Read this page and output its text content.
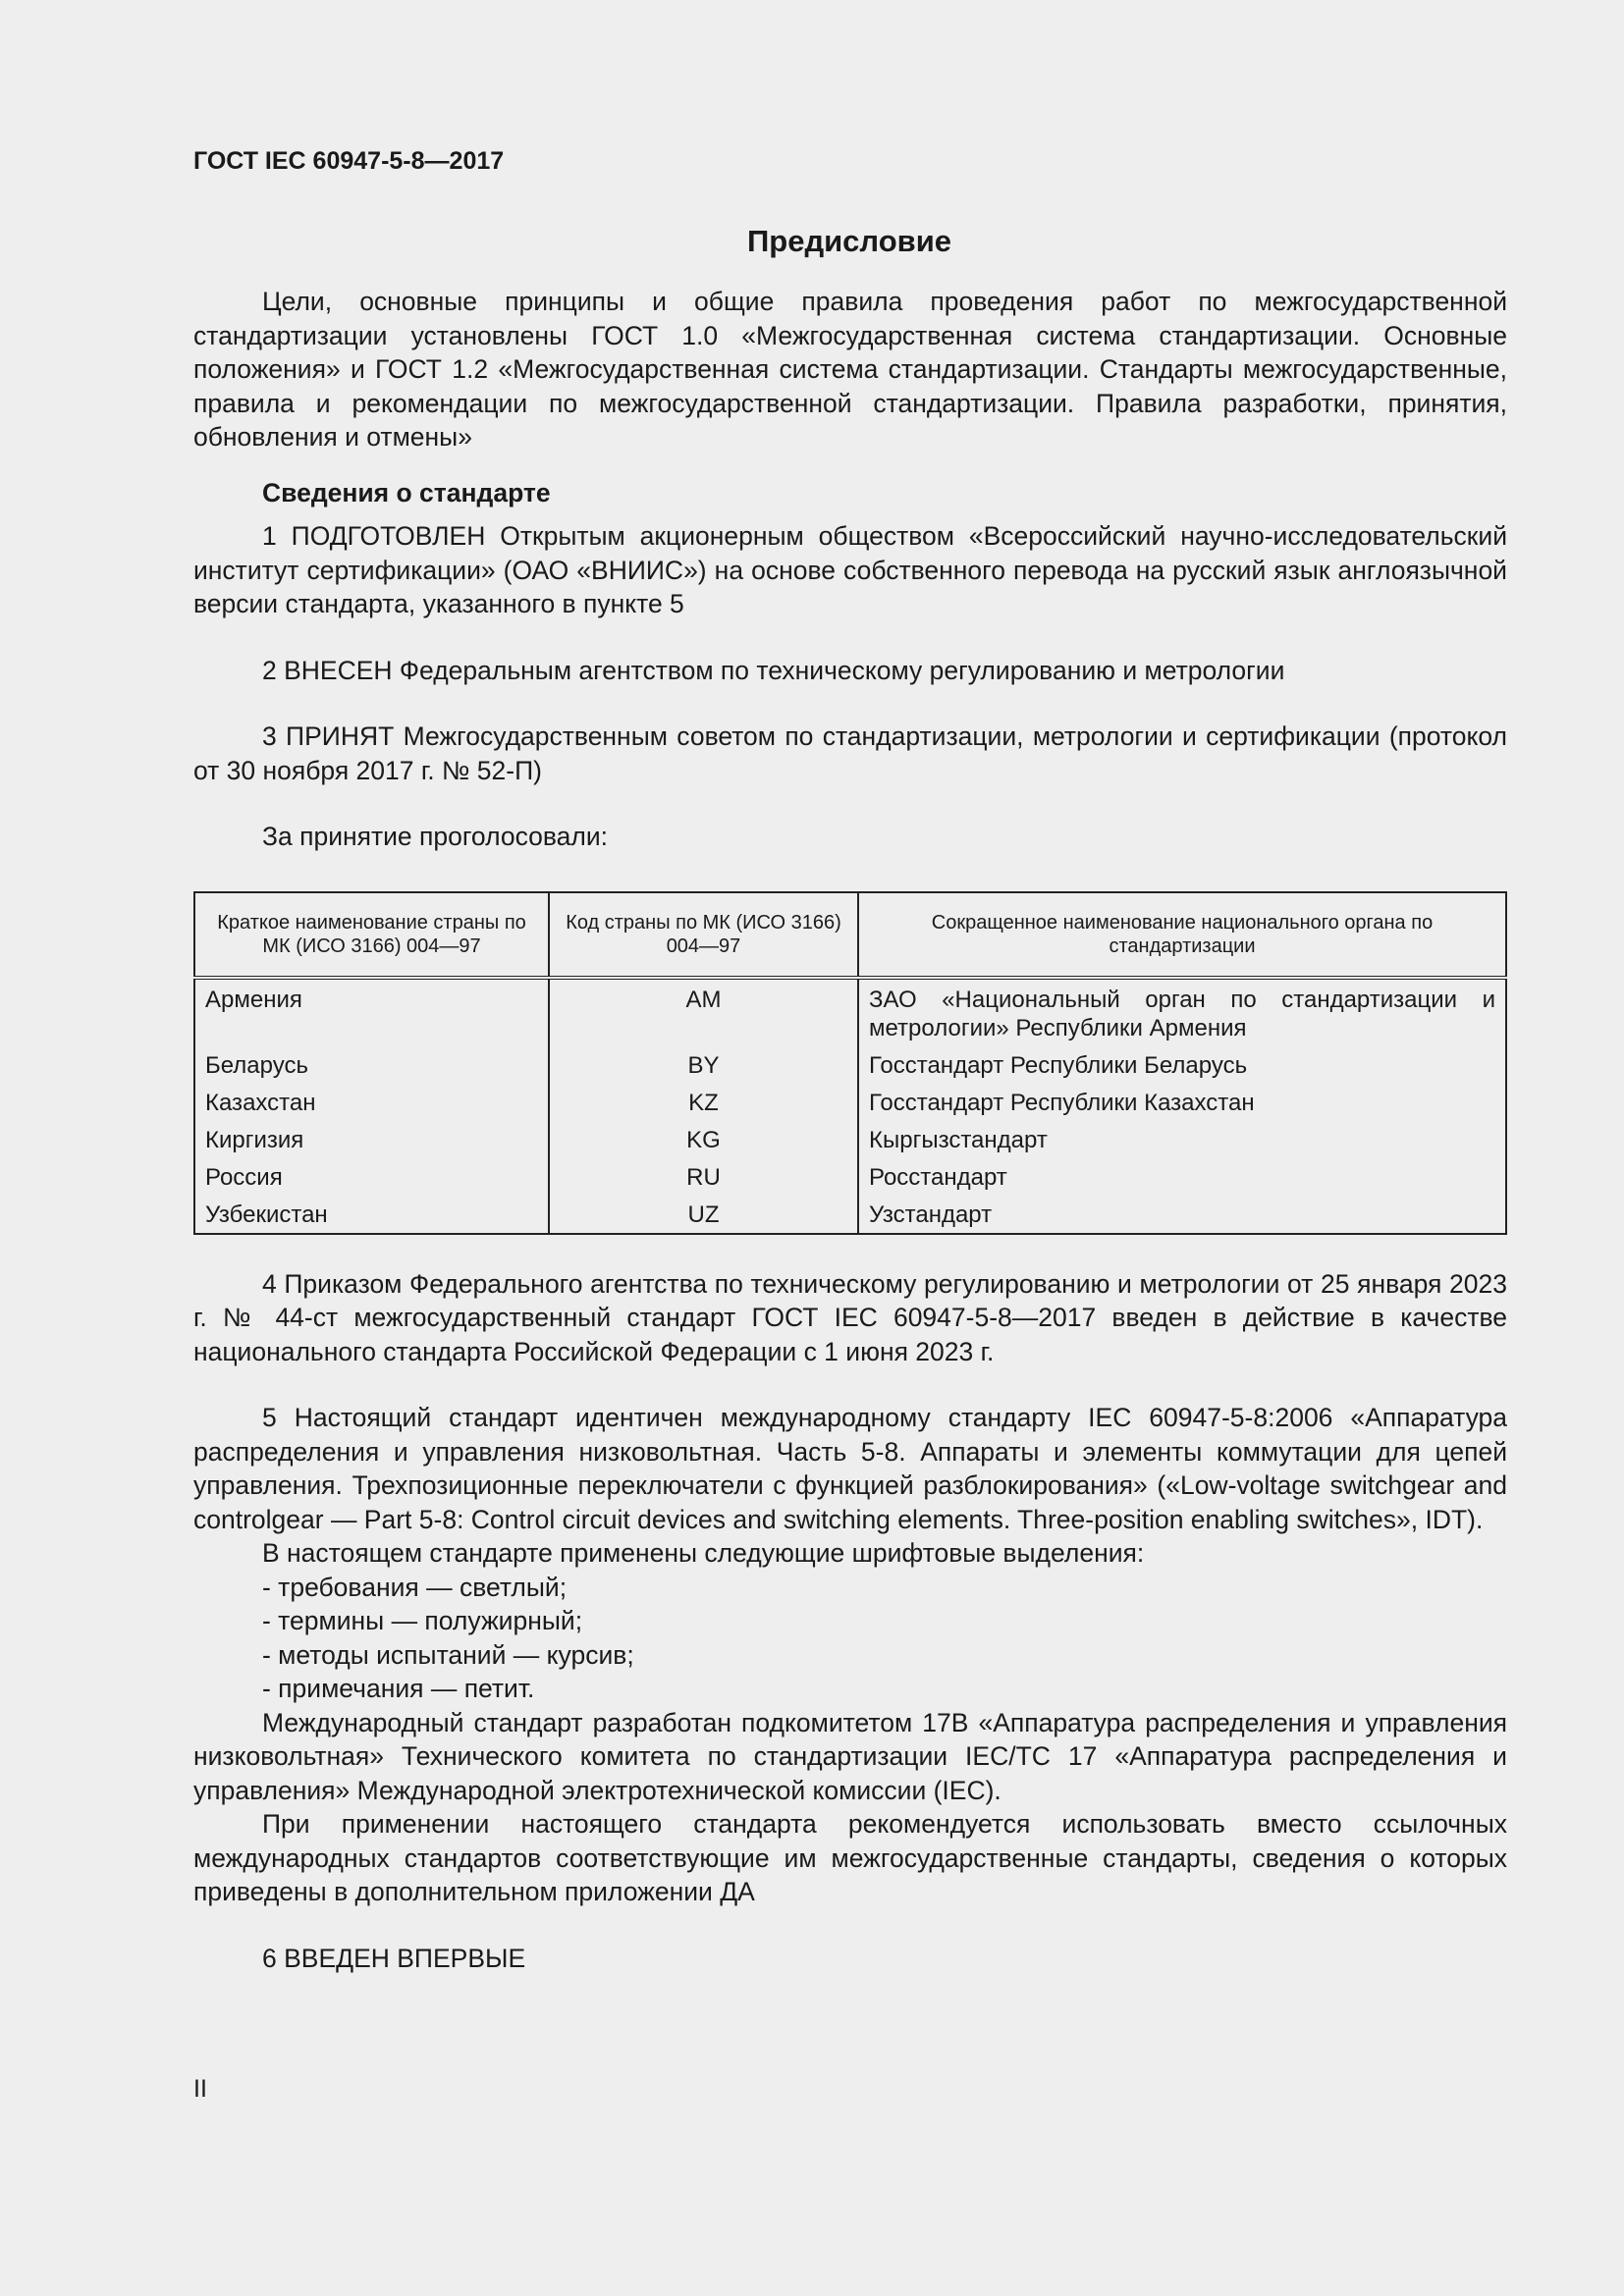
ГОСТ IEC 60947-5-8—2017
Предисловие

Цели, основные принципы и общие правила проведения работ по межгосударственной стандартизации установлены ГОСТ 1.0 «Межгосударственная система стандартизации. Основные положения» и ГОСТ 1.2 «Межгосударственная система стандартизации. Стандарты межгосударственные, правила и рекомендации по межгосударственной стандартизации. Правила разработки, принятия, обновления и отмены»

Сведения о стандарте

1 ПОДГОТОВЛЕН Открытым акционерным обществом «Всероссийский научно-исследовательский институт сертификации» (ОАО «ВНИИС») на основе собственного перевода на русский язык англоязычной версии стандарта, указанного в пункте 5

2 ВНЕСЕН Федеральным агентством по техническому регулированию и метрологии

3 ПРИНЯТ Межгосударственным советом по стандартизации, метрологии и сертификации (протокол от 30 ноября 2017 г. № 52-П)

За принятие проголосовали:

Краткое наименование страны по МК (ИСО 3166) 004—97	Код страны по МК (ИСО 3166) 004—97	Сокращенное наименование национального органа по стандартизации
Армения	AM	ЗАО «Национальный орган по стандартизации и метрологии» Республики Армения
Беларусь	BY	Госстандарт Республики Беларусь
Казахстан	KZ	Госстандарт Республики Казахстан
Киргизия	KG	Кыргызстандарт
Россия	RU	Росстандарт
Узбекистан	UZ	Узстандарт

4 Приказом Федерального агентства по техническому регулированию и метрологии от 25 января 2023 г. № 44-ст межгосударственный стандарт ГОСТ IEC 60947-5-8—2017 введен в действие в качестве национального стандарта Российской Федерации с 1 июня 2023 г.

5 Настоящий стандарт идентичен международному стандарту IEC 60947-5-8:2006 «Аппаратура распределения и управления низковольтная. Часть 5-8. Аппараты и элементы коммутации для цепей управления. Трехпозиционные переключатели с функцией разблокирования» («Low-voltage switchgear and controlgear — Part 5-8: Control circuit devices and switching elements. Three-position enabling switches», IDT).

В настоящем стандарте применены следующие шрифтовые выделения:

- требования — светлый;

- термины — полужирный;

- методы испытаний — курсив;

- примечания — петит.

Международный стандарт разработан подкомитетом 17B «Аппаратура распределения и управления низковольтная» Технического комитета по стандартизации IEC/TC 17 «Аппаратура распределения и управления» Международной электротехнической комиссии (IEC).

При применении настоящего стандарта рекомендуется использовать вместо ссылочных международных стандартов соответствующие им межгосударственные стандарты, сведения о которых приведены в дополнительном приложении ДА

6 ВВЕДЕН ВПЕРВЫЕ

II
